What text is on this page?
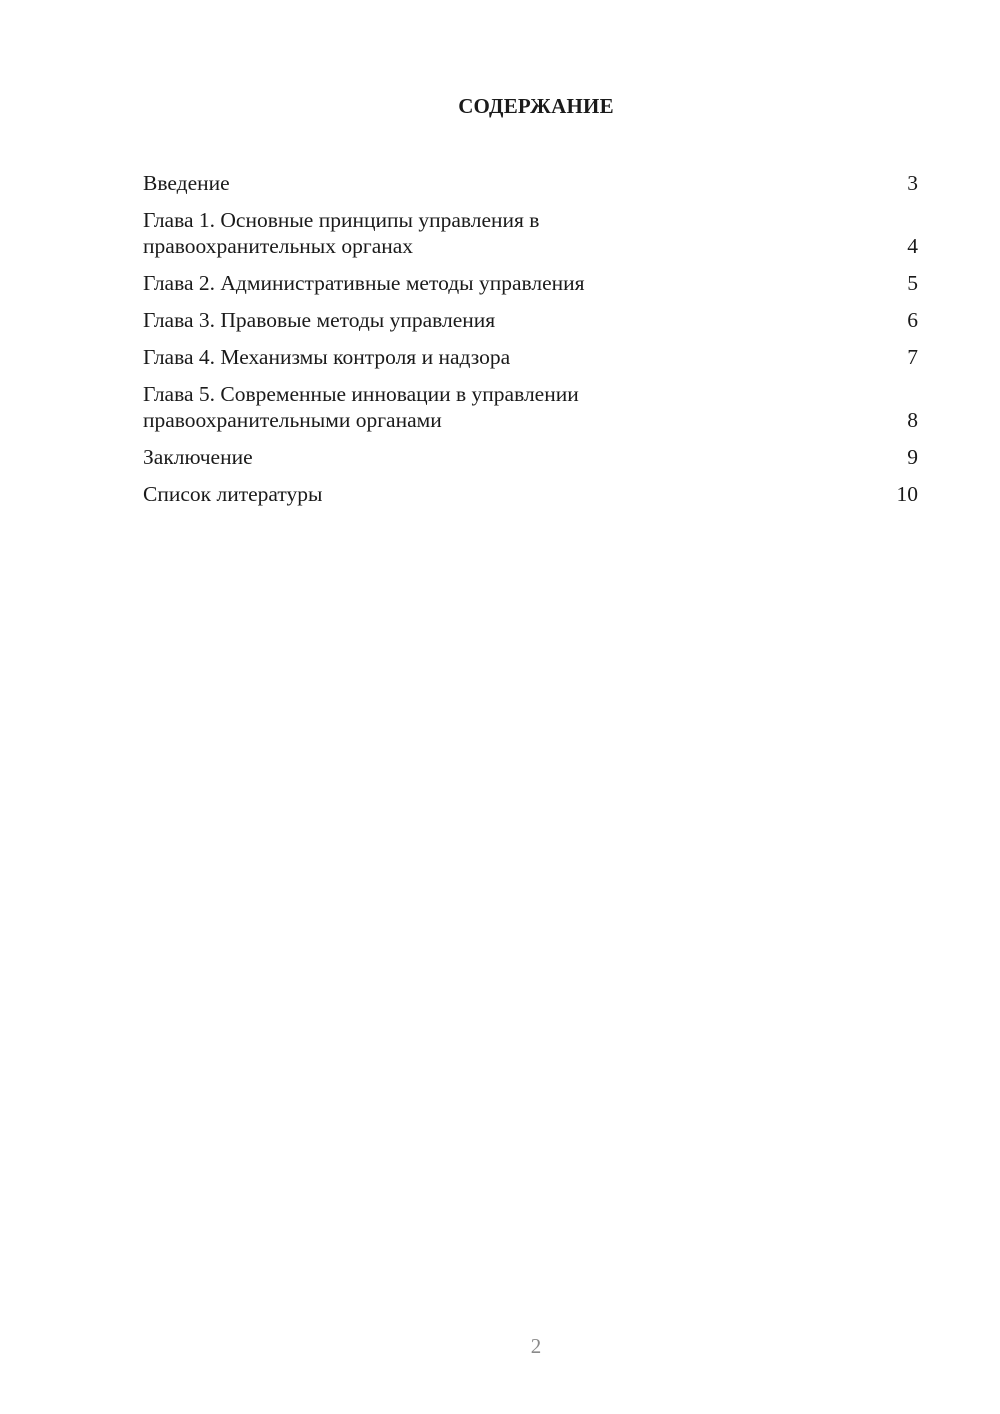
СОДЕРЖАНИЕ
Введение	3
Глава 1. Основные принципы управления в
правоохранительных органах	4
Глава 2. Административные методы управления	5
Глава 3. Правовые методы управления	6
Глава 4. Механизмы контроля и надзора	7
Глава 5. Современные инновации в управлении
правоохранительными органами	8
Заключение	9
Список литературы	10
2
